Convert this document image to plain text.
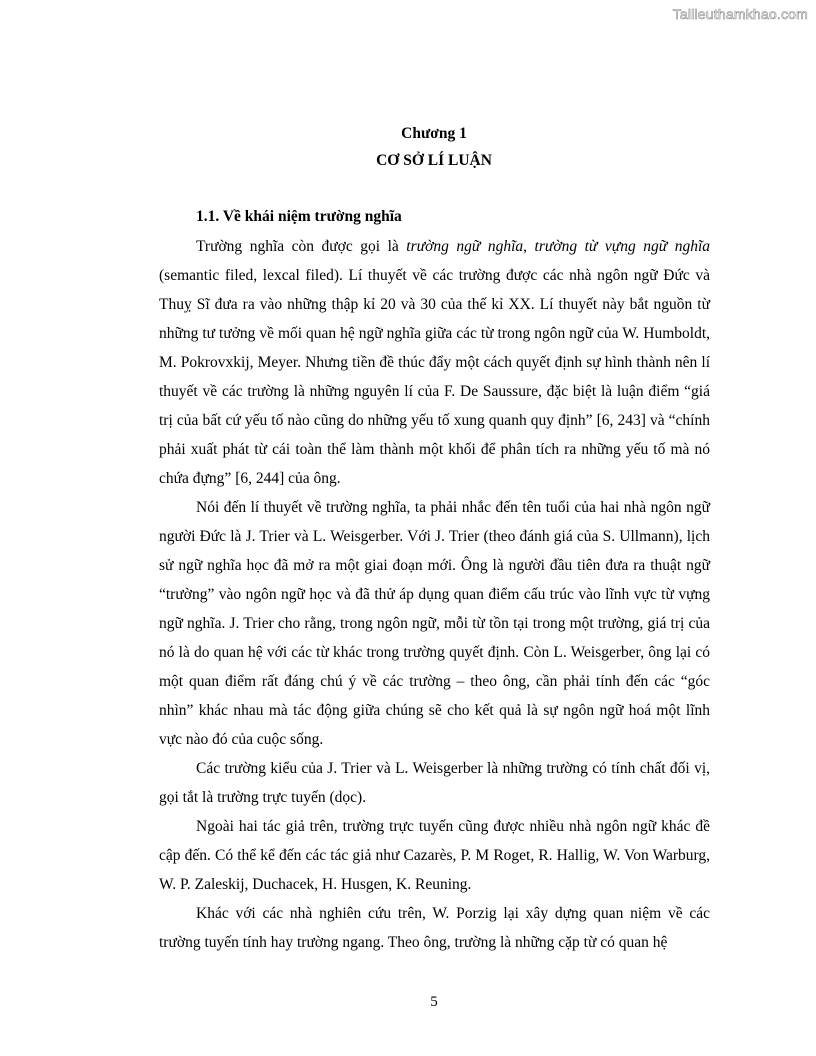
Tailieuthamkhao.com
Chương 1
CƠ SỞ LÍ LUẬN
1.1. Về khái niệm trường nghĩa

Trường nghĩa còn được gọi là trường ngữ nghĩa, trường từ vựng ngữ nghĩa (semantic filed, lexcal filed). Lí thuyết về các trường được các nhà ngôn ngữ Đức và Thuỵ Sĩ đưa ra vào những thập kỉ 20 và 30 của thế kỉ XX. Lí thuyết này bắt nguồn từ những tư tưởng về mối quan hệ ngữ nghĩa giữa các từ trong ngôn ngữ của W. Humboldt, M. Pokrovxkij, Meyer. Nhưng tiền đề thúc đẩy một cách quyết định sự hình thành nên lí thuyết về các trường là những nguyên lí của F. De Saussure, đặc biệt là luận điểm “giá trị của bất cứ yếu tố nào cũng do những yếu tố xung quanh quy định” [6, 243] và “chính phải xuất phát từ cái toàn thể làm thành một khối để phân tích ra những yếu tố mà nó chứa đựng” [6, 244] của ông.

Nói đến lí thuyết về trường nghĩa, ta phải nhắc đến tên tuổi của hai nhà ngôn ngữ người Đức là J. Trier và L. Weisgerber. Với J. Trier (theo đánh giá của S. Ullmann), lịch sử ngữ nghĩa học đã mở ra một giai đoạn mới. Ông là người đầu tiên đưa ra thuật ngữ “trường” vào ngôn ngữ học và đã thử áp dụng quan điểm cấu trúc vào lĩnh vực từ vựng ngữ nghĩa. J. Trier cho rằng, trong ngôn ngữ, mỗi từ tồn tại trong một trường, giá trị của nó là do quan hệ với các từ khác trong trường quyết định. Còn L. Weisgerber, ông lại có một quan điểm rất đáng chú ý về các trường – theo ông, cần phải tính đến các “góc nhìn” khác nhau mà tác động giữa chúng sẽ cho kết quả là sự ngôn ngữ hoá một lĩnh vực nào đó của cuộc sống.

Các trường kiểu của J. Trier và L. Weisgerber là những trường có tính chất đối vị, gọi tắt là trường trực tuyến (dọc).

Ngoài hai tác giả trên, trường trực tuyến cũng được nhiều nhà ngôn ngữ khác đề cập đến. Có thể kể đến các tác giả như Cazarès, P. M Roget, R. Hallig, W. Von Warburg, W. P. Zaleskij, Duchacek, H. Husgen, K. Reuning.

Khác với các nhà nghiên cứu trên, W. Porzig lại xây dựng quan niệm về các trường tuyến tính hay trường ngang. Theo ông, trường là những cặp từ có quan hệ

5
